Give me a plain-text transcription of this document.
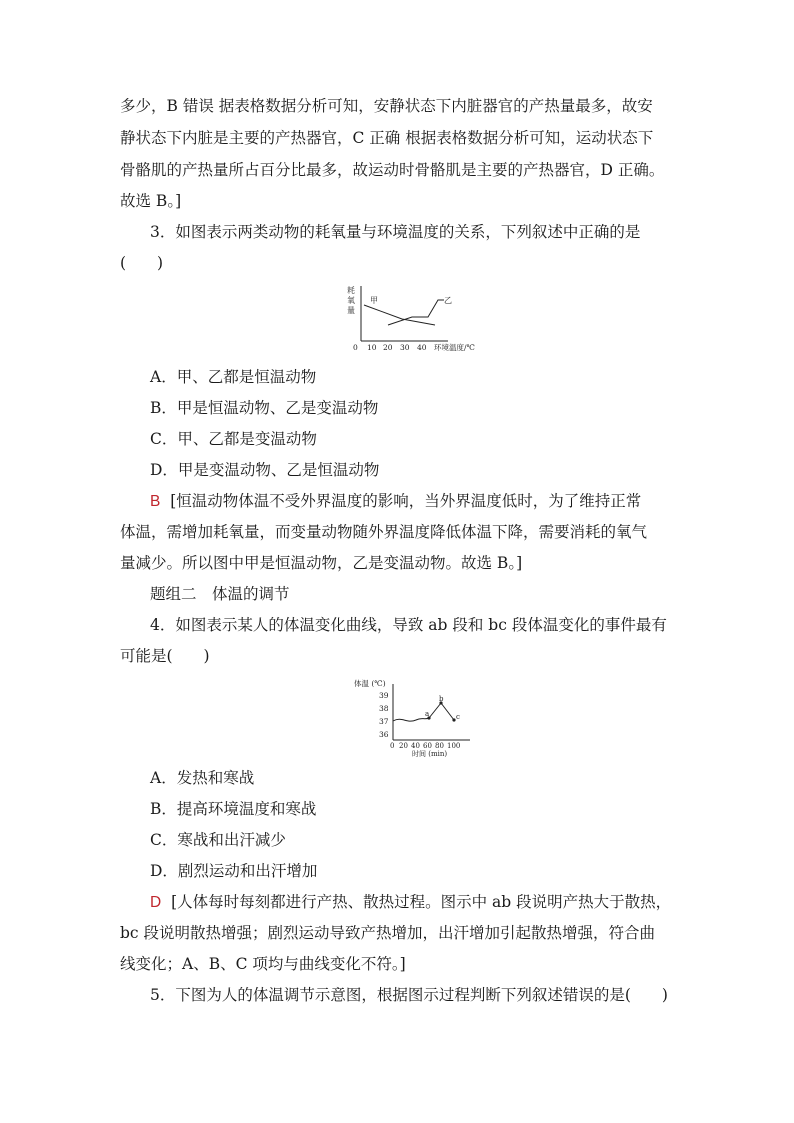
多少，B 错误 据表格数据分析可知，安静状态下内脏器官的产热量最多，故安
静状态下内脏是主要的产热器官，C 正确 根据表格数据分析可知，运动状态下
骨骼肌的产热量所占百分比最多，故运动时骨骼肌是主要的产热器官，D 正确。
故选 B。]
3．如图表示两类动物的耗氧量与环境温度的关系，下列叙述中正确的是
(　　)
耗
氧
量
甲	乙
0 10 20 30 40 环境温度/℃
A．甲、乙都是恒温动物
B．甲是恒温动物、乙是变温动物
C．甲、乙都是变温动物
D．甲是变温动物、乙是恒温动物
B [恒温动物体温不受外界温度的影响，当外界温度低时，为了维持正常
体温，需增加耗氧量，而变量动物随外界温度降低体温下降，需要消耗的氧气
量减少。所以图中甲是恒温动物，乙是变温动物。故选 B。]
题组二　体温的调节
4．如图表示某人的体温变化曲线，导致 ab 段和 bc 段体温变化的事件最有
可能是(　　)
体温 (℃)
39
38
37
36
a
b
c
0 20 40 60 80 100
时间 (min)
A．发热和寒战
B．提高环境温度和寒战
C．寒战和出汗减少
D．剧烈运动和出汗增加
D [人体每时每刻都进行产热、散热过程。图示中 ab 段说明产热大于散热，
bc 段说明散热增强；剧烈运动导致产热增加，出汗增加引起散热增强，符合曲
线变化；A、B、C 项均与曲线变化不符。]
5．下图为人的体温调节示意图，根据图示过程判断下列叙述错误的是(　　)
